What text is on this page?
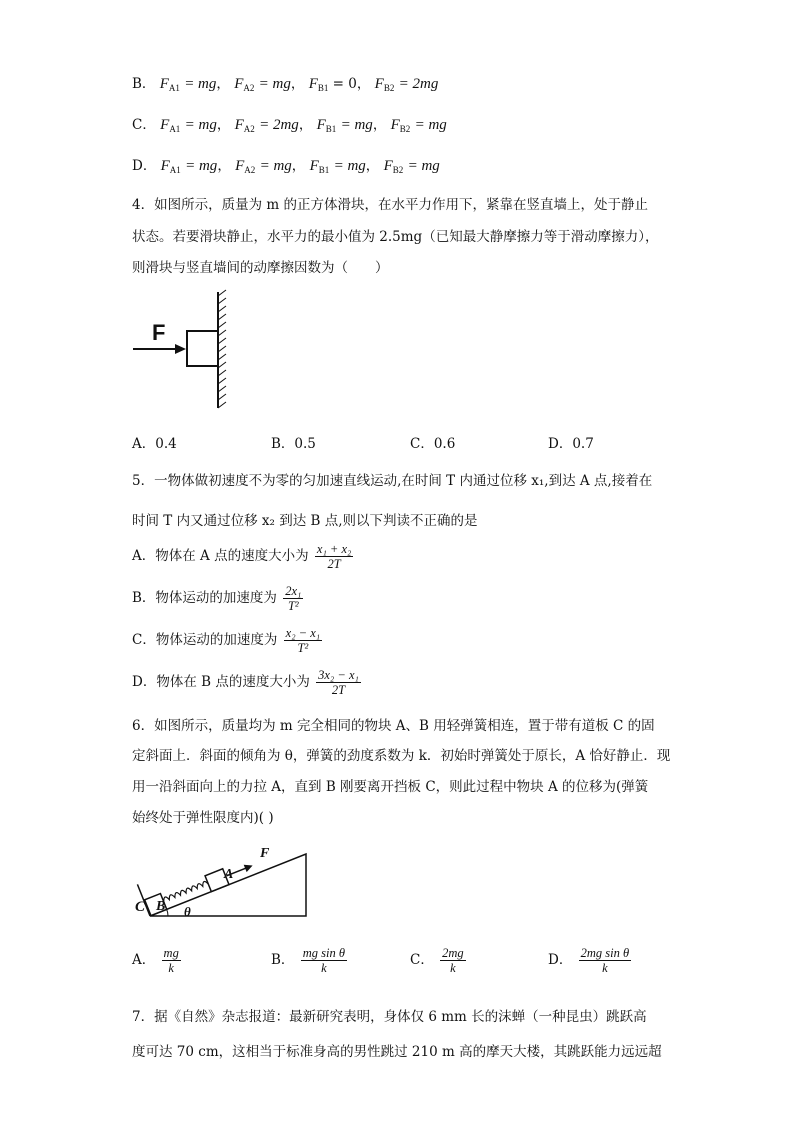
B． $F_{A1}$ = mg， $F_{A2}$ = mg， $F_{B1} = 0$， $F_{B2} = 2mg$
C． $F_{A1}$ = mg， $F_{A2} = 2mg$， $F_{B1}$ = mg， $F_{B2}$ = mg
D． $F_{A1}$ = mg， $F_{A2}$ = mg， $F_{B1}$ = mg， $F_{B2}$ = mg
4．如图所示，质量为 m 的正方体滑块，在水平力作用下，紧靠在竖直墙上，处于静止
状态。若要滑块静止，水平力的最小值为 2.5mg（已知最大静摩擦力等于滑动摩擦力），
则滑块与竖直墙间的动摩擦因数为（　　）
F
A．0.4	B．0.5	C．0.6	D．0.7
5．一物体做初速度不为零的匀加速直线运动,在时间 T 内通过位移 x₁,到达 A 点,接着在
时间 T 内又通过位移 x₂ 到达 B 点,则以下判读不正确的是
A．物体在 A 点的速度大小为 $\frac{\text{x₁ + x₂}}{2T}$
B．物体运动的加速度为 $\frac{\text{2x₁}}{\text{T²}}$
C．物体运动的加速度为 $\frac{\text{x₂ − x₁}}{\text{T²}}$
D．物体在 B 点的速度大小为 $\frac{\text{3x₂ − x₁}}{2T}$
6．如图所示，质量均为 m 完全相同的物块 A、B 用轻弹簧相连，置于带有道板 C 的固
定斜面上．斜面的倾角为 θ，弹簧的劲度系数为 k．初始时弹簧处于原长，A 恰好静止．现
用一沿斜面向上的力拉 A，直到 B 刚要离开挡板 C，则此过程中物块 A 的位移为(弹簧
始终处于弹性限度内)( )
C B
A
F
θ
A． $\frac{mg}{k}$	B． $\frac{\text{mg sin θ}}{k}$	C． $\frac{2mg}{k}$	D． $\frac{\text{2mg sin θ}}{k}$
7．据《自然》杂志报道：最新研究表明，身体仅 6 mm 长的沫蝉（一种昆虫）跳跃高
度可达 70 cm，这相当于标准身高的男性跳过 210 m 高的摩天大楼，其跳跃能力远远超
